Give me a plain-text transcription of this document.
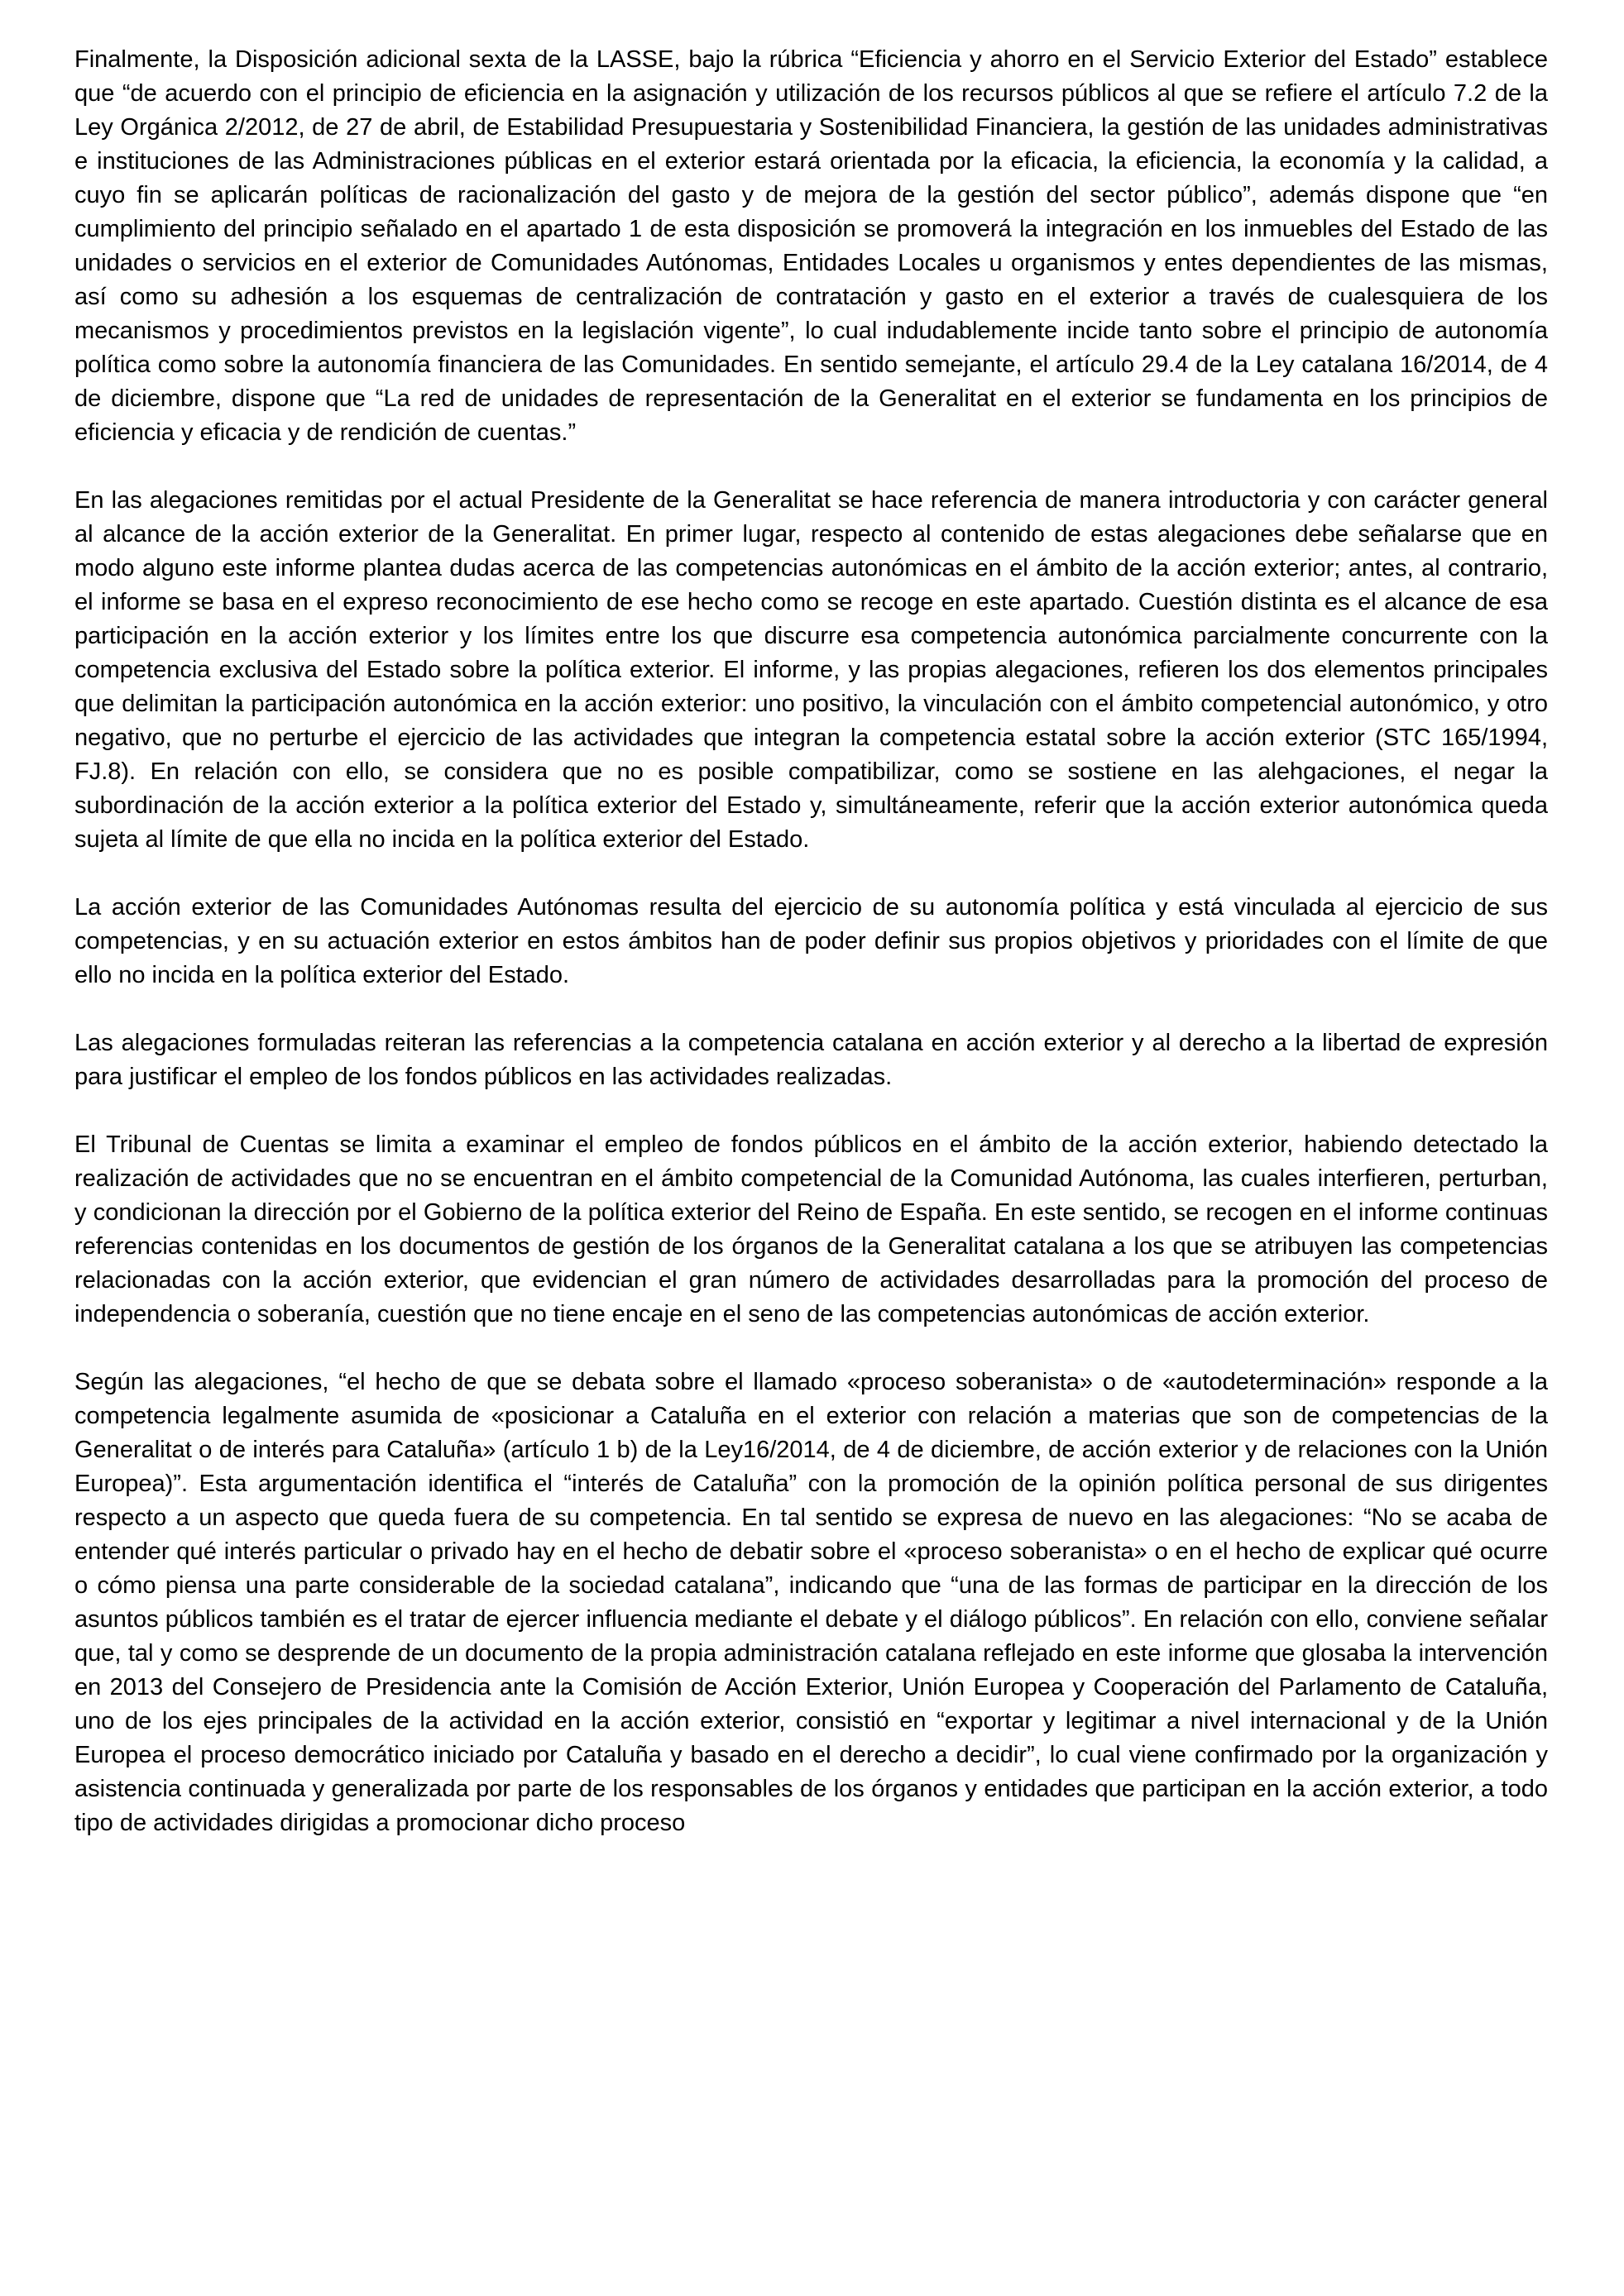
Finalmente, la Disposición adicional sexta de la LASSE, bajo la rúbrica “Eficiencia y ahorro en el Servicio Exterior del Estado” establece que “de acuerdo con el principio de eficiencia en la asignación y utilización de los recursos públicos al que se refiere el artículo 7.2 de la Ley Orgánica 2/2012, de 27 de abril, de Estabilidad Presupuestaria y Sostenibilidad Financiera, la gestión de las unidades administrativas e instituciones de las Administraciones públicas en el exterior estará orientada por la eficacia, la eficiencia, la economía y la calidad, a cuyo fin se aplicarán políticas de racionalización del gasto y de mejora de la gestión del sector público”, además dispone que “en cumplimiento del principio señalado en el apartado 1 de esta disposición se promoverá la integración en los inmuebles del Estado de las unidades o servicios en el exterior de Comunidades Autónomas, Entidades Locales u organismos y entes dependientes de las mismas, así como su adhesión a los esquemas de centralización de contratación y gasto en el exterior a través de cualesquiera de los mecanismos y procedimientos previstos en la legislación vigente”, lo cual indudablemente incide tanto sobre el principio de autonomía política como sobre la autonomía financiera de las Comunidades. En sentido semejante, el artículo 29.4 de la Ley catalana 16/2014, de 4 de diciembre, dispone que “La red de unidades de representación de la Generalitat en el exterior se fundamenta en los principios de eficiencia y eficacia y de rendición de cuentas.”

En las alegaciones remitidas por el actual Presidente de la Generalitat se hace referencia de manera introductoria y con carácter general al alcance de la acción exterior de la Generalitat. En primer lugar, respecto al contenido de estas alegaciones debe señalarse que en modo alguno este informe plantea dudas acerca de las competencias autonómicas en el ámbito de la acción exterior; antes, al contrario, el informe se basa en el expreso reconocimiento de ese hecho como se recoge en este apartado. Cuestión distinta es el alcance de esa participación en la acción exterior y los límites entre los que discurre esa competencia autonómica parcialmente concurrente con la competencia exclusiva del Estado sobre la política exterior. El informe, y las propias alegaciones, refieren los dos elementos principales que delimitan la participación autonómica en la acción exterior: uno positivo, la vinculación con el ámbito competencial autonómico, y otro negativo, que no perturbe el ejercicio de las actividades que integran la competencia estatal sobre la acción exterior (STC 165/1994, FJ.8). En relación con ello, se considera que no es posible compatibilizar, como se sostiene en las alehgaciones, el negar la subordinación de la acción exterior a la política exterior del Estado y, simultáneamente, referir que la acción exterior autonómica queda sujeta al límite de que ella no incida en la política exterior del Estado.

La acción exterior de las Comunidades Autónomas resulta del ejercicio de su autonomía política y está vinculada al ejercicio de sus competencias, y en su actuación exterior en estos ámbitos han de poder definir sus propios objetivos y prioridades con el límite de que ello no incida en la política exterior del Estado.

Las alegaciones formuladas reiteran las referencias a la competencia catalana en acción exterior y al derecho a la libertad de expresión para justificar el empleo de los fondos públicos en las actividades realizadas.

El Tribunal de Cuentas se limita a examinar el empleo de fondos públicos en el ámbito de la acción exterior, habiendo detectado la realización de actividades que no se encuentran en el ámbito competencial de la Comunidad Autónoma, las cuales interfieren, perturban, y condicionan la dirección por el Gobierno de la política exterior del Reino de España. En este sentido, se recogen en el informe continuas referencias contenidas en los documentos de gestión de los órganos de la Generalitat catalana a los que se atribuyen las competencias relacionadas con la acción exterior, que evidencian el gran número de actividades desarrolladas para la promoción del proceso de independencia o soberanía, cuestión que no tiene encaje en el seno de las competencias autonómicas de acción exterior.

Según las alegaciones, “el hecho de que se debata sobre el llamado «proceso soberanista» o de «autodeterminación» responde a la competencia legalmente asumida de «posicionar a Cataluña en el exterior con relación a materias que son de competencias de la Generalitat o de interés para Cataluña» (artículo 1 b) de la Ley16/2014, de 4 de diciembre, de acción exterior y de relaciones con la Unión Europea)”. Esta argumentación identifica el “interés de Cataluña” con la promoción de la opinión política personal de sus dirigentes respecto a un aspecto que queda fuera de su competencia. En tal sentido se expresa de nuevo en las alegaciones: “No se acaba de entender qué interés particular o privado hay en el hecho de debatir sobre el «proceso soberanista» o en el hecho de explicar qué ocurre o cómo piensa una parte considerable de la sociedad catalana”, indicando que “una de las formas de participar en la dirección de los asuntos públicos también es el tratar de ejercer influencia mediante el debate y el diálogo públicos”. En relación con ello, conviene señalar que, tal y como se desprende de un documento de la propia administración catalana reflejado en este informe que glosaba la intervención en 2013 del Consejero de Presidencia ante la Comisión de Acción Exterior, Unión Europea y Cooperación del Parlamento de Cataluña, uno de los ejes principales de la actividad en la acción exterior, consistió en “exportar y legitimar a nivel internacional y de la Unión Europea el proceso democrático iniciado por Cataluña y basado en el derecho a decidir”, lo cual viene confirmado por la organización y asistencia continuada y generalizada por parte de los responsables de los órganos y entidades que participan en la acción exterior, a todo tipo de actividades dirigidas a promocionar dicho proceso
